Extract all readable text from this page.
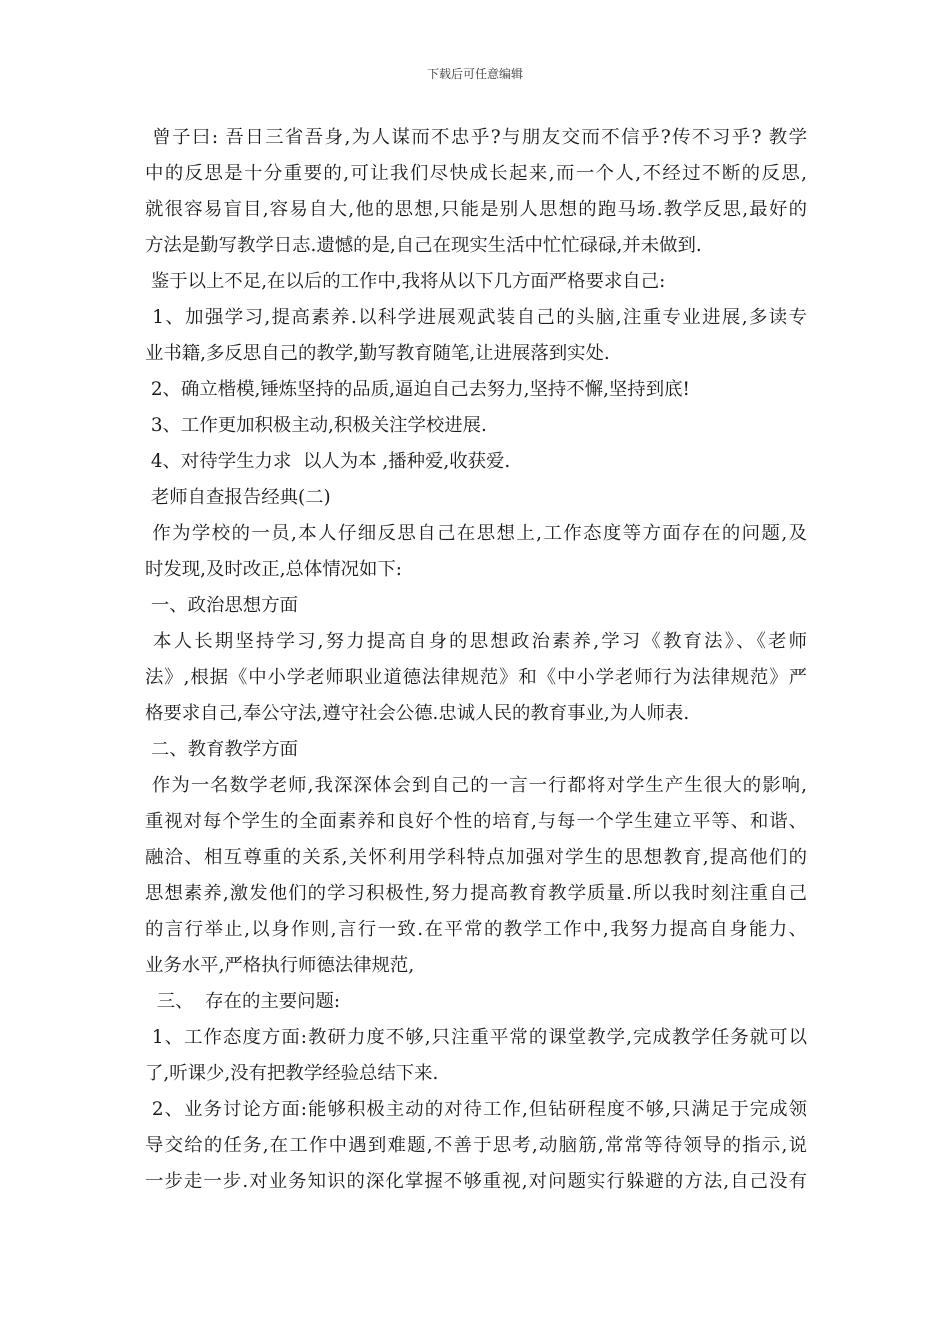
下载后可任意编辑
曾子曰: 吾日三省吾身,为人谋而不忠乎?与朋友交而不信乎?传不习乎? 教学
中的反思是十分重要的,可让我们尽快成长起来,而一个人,不经过不断的反思,
就很容易盲目,容易自大,他的思想,只能是别人思想的跑马场.教学反思,最好的
方法是勤写教学日志.遗憾的是,自己在现实生活中忙忙碌碌,并未做到.
鉴于以上不足,在以后的工作中,我将从以下几方面严格要求自己:
1、加强学习,提高素养.以科学进展观武装自己的头脑,注重专业进展,多读专
业书籍,多反思自己的教学,勤写教育随笔,让进展落到实处.
2、确立楷模,锤炼坚持的品质,逼迫自己去努力,坚持不懈,坚持到底!
3、工作更加积极主动,积极关注学校进展.
4、对待学生力求  以人为本 ,播种爱,收获爱.
老师自查报告经典(二)
作为学校的一员,本人仔细反思自己在思想上,工作态度等方面存在的问题,及
时发现,及时改正,总体情况如下:
一、政治思想方面
本人长期坚持学习,努力提高自身的思想政治素养,学习《教育法》、《老师
法》,根据《中小学老师职业道德法律规范》和《中小学老师行为法律规范》严
格要求自己,奉公守法,遵守社会公德.忠诚人民的教育事业,为人师表.
二、教育教学方面
作为一名数学老师,我深深体会到自己的一言一行都将对学生产生很大的影响,
重视对每个学生的全面素养和良好个性的培育,与每一个学生建立平等、和谐、
融洽、相互尊重的关系,关怀利用学科特点加强对学生的思想教育,提高他们的
思想素养,激发他们的学习积极性,努力提高教育教学质量.所以我时刻注重自己
的言行举止,以身作则,言行一致.在平常的教学工作中,我努力提高自身能力、
业务水平,严格执行师德法律规范,
三、  存在的主要问题:
1、工作态度方面:教研力度不够,只注重平常的课堂教学,完成教学任务就可以
了,听课少,没有把教学经验总结下来.
2、业务讨论方面:能够积极主动的对待工作,但钻研程度不够,只满足于完成领
导交给的任务,在工作中遇到难题,不善于思考,动脑筋,常常等待领导的指示,说
一步走一步.对业务知识的深化掌握不够重视,对问题实行躲避的方法,自己没有
